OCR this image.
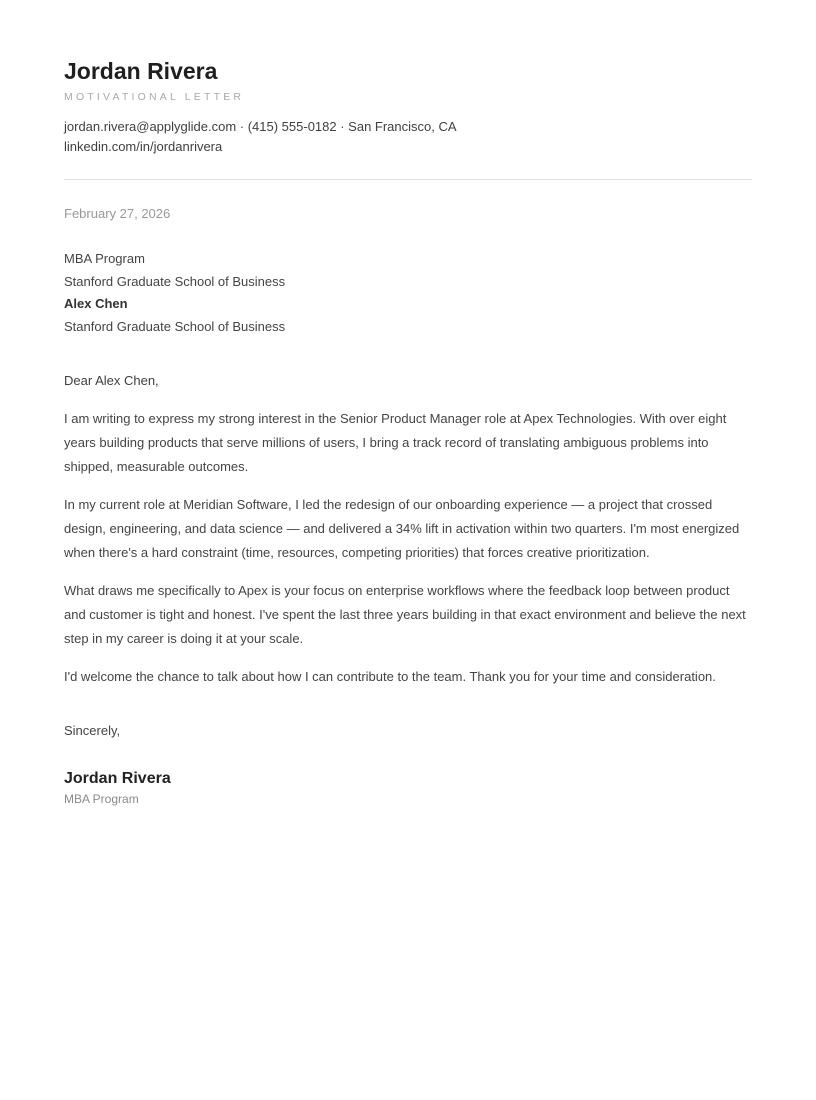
Jordan Rivera
MOTIVATIONAL LETTER
jordan.rivera@applyglide.com · (415) 555-0182 · San Francisco, CA
linkedin.com/in/jordanrivera
February 27, 2026
MBA Program
Stanford Graduate School of Business
Alex Chen
Stanford Graduate School of Business
Dear Alex Chen,

I am writing to express my strong interest in the Senior Product Manager role at Apex Technologies. With over eight years building products that serve millions of users, I bring a track record of translating ambiguous problems into shipped, measurable outcomes.

In my current role at Meridian Software, I led the redesign of our onboarding experience — a project that crossed design, engineering, and data science — and delivered a 34% lift in activation within two quarters. I'm most energized when there's a hard constraint (time, resources, competing priorities) that forces creative prioritization.

What draws me specifically to Apex is your focus on enterprise workflows where the feedback loop between product and customer is tight and honest. I've spent the last three years building in that exact environment and believe the next step in my career is doing it at your scale.

I'd welcome the chance to talk about how I can contribute to the team. Thank you for your time and consideration.

Sincerely,
Jordan Rivera
MBA Program
